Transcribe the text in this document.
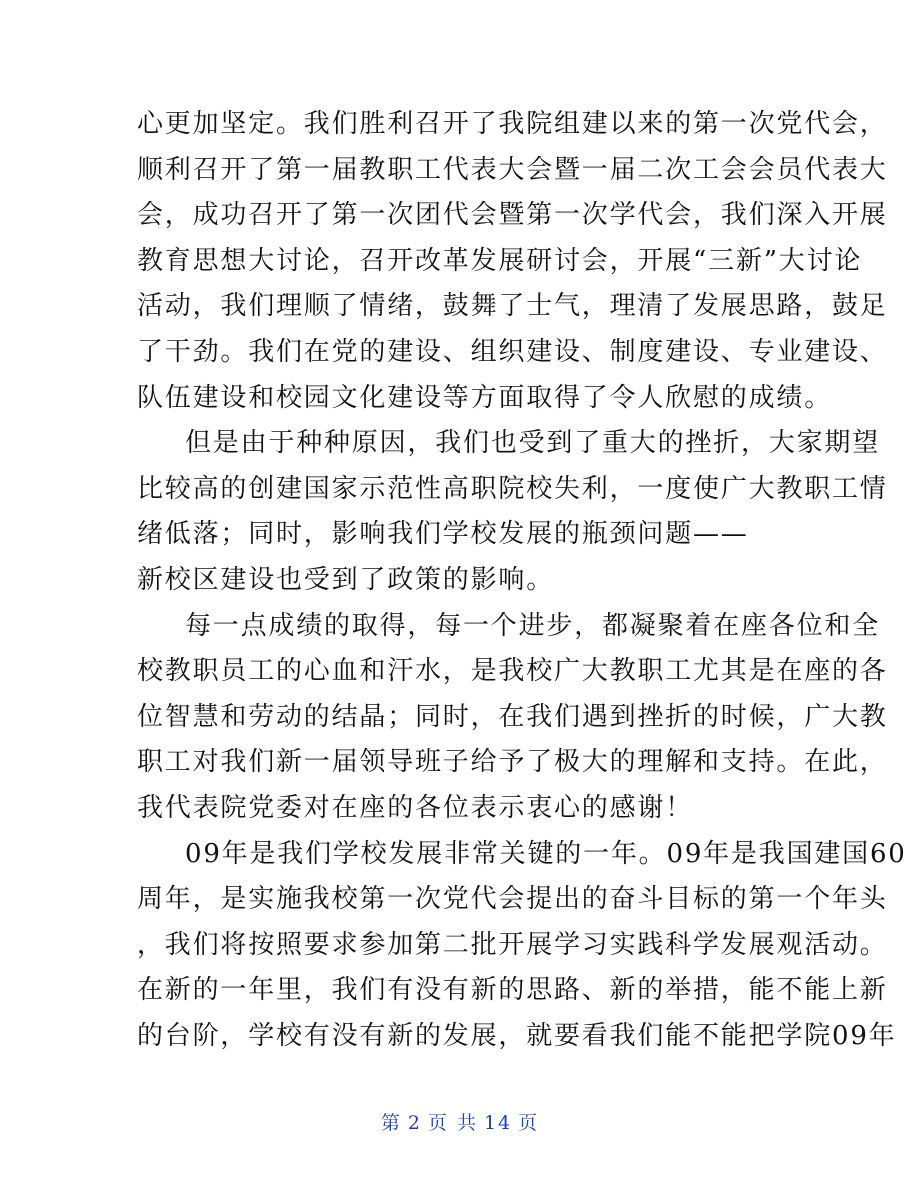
心更加坚定。我们胜利召开了我院组建以来的第一次党代会，
顺利召开了第一届教职工代表大会暨一届二次工会会员代表大
会，成功召开了第一次团代会暨第一次学代会，我们深入开展
教育思想大讨论，召开改革发展研讨会，开展“三新”大讨论
活动，我们理顺了情绪，鼓舞了士气，理清了发展思路，鼓足
了干劲。我们在党的建设、组织建设、制度建设、专业建设、
队伍建设和校园文化建设等方面取得了令人欣慰的成绩。
但是由于种种原因，我们也受到了重大的挫折，大家期望
比较高的创建国家示范性高职院校失利，一度使广大教职工情
绪低落；同时，影响我们学校发展的瓶颈问题——
新校区建设也受到了政策的影响。
每一点成绩的取得，每一个进步，都凝聚着在座各位和全
校教职员工的心血和汗水，是我校广大教职工尤其是在座的各
位智慧和劳动的结晶；同时，在我们遇到挫折的时候，广大教
职工对我们新一届领导班子给予了极大的理解和支持。在此，
我代表院党委对在座的各位表示衷心的感谢！
09年是我们学校发展非常关键的一年。09年是我国建国60
周年，是实施我校第一次党代会提出的奋斗目标的第一个年头
，我们将按照要求参加第二批开展学习实践科学发展观活动。
在新的一年里，我们有没有新的思路、新的举措，能不能上新
的台阶，学校有没有新的发展，就要看我们能不能把学院09年
第 2 页 共 14 页
